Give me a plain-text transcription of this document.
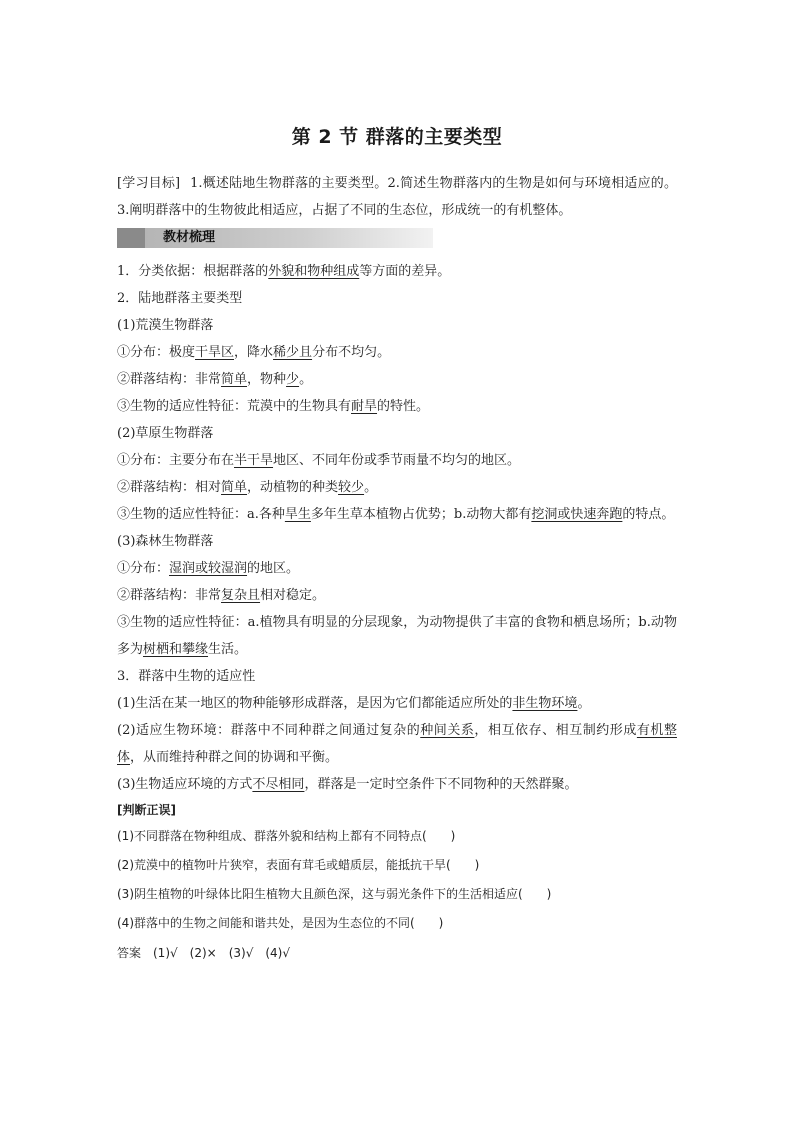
第 2 节 群落的主要类型

[学习目标] 1.概述陆地生物群落的主要类型。2.简述生物群落内的生物是如何与环境相适应的。3.阐明群落中的生物彼此相适应，占据了不同的生态位，形成统一的有机整体。

教材梳理

1．分类依据：根据群落的外貌和物种组成等方面的差异。

2．陆地群落主要类型

(1)荒漠生物群落

①分布：极度干旱区，降水稀少且分布不均匀。

②群落结构：非常简单，物种少。

③生物的适应性特征：荒漠中的生物具有耐旱的特性。

(2)草原生物群落

①分布：主要分布在半干旱地区、不同年份或季节雨量不均匀的地区。

②群落结构：相对简单，动植物的种类较少。

③生物的适应性特征：a.各种旱生多年生草本植物占优势；b.动物大都有挖洞或快速奔跑的特点。

(3)森林生物群落

①分布：湿润或较湿润的地区。

②群落结构：非常复杂且相对稳定。

③生物的适应性特征：a.植物具有明显的分层现象，为动物提供了丰富的食物和栖息场所；b.动物多为树栖和攀缘生活。

3．群落中生物的适应性

(1)生活在某一地区的物种能够形成群落，是因为它们都能适应所处的非生物环境。

(2)适应生物环境：群落中不同种群之间通过复杂的种间关系，相互依存、相互制约形成有机整体，从而维持种群之间的协调和平衡。

(3)生物适应环境的方式不尽相同，群落是一定时空条件下不同物种的天然群聚。

[判断正误]

(1)不同群落在物种组成、群落外貌和结构上都有不同特点(　　)

(2)荒漠中的植物叶片狭窄，表面有茸毛或蜡质层，能抵抗干旱(　　)

(3)阴生植物的叶绿体比阳生植物大且颜色深，这与弱光条件下的生活相适应(　　)

(4)群落中的生物之间能和谐共处，是因为生态位的不同(　　)

答案　(1)√　(2)×　(3)√　(4)√
